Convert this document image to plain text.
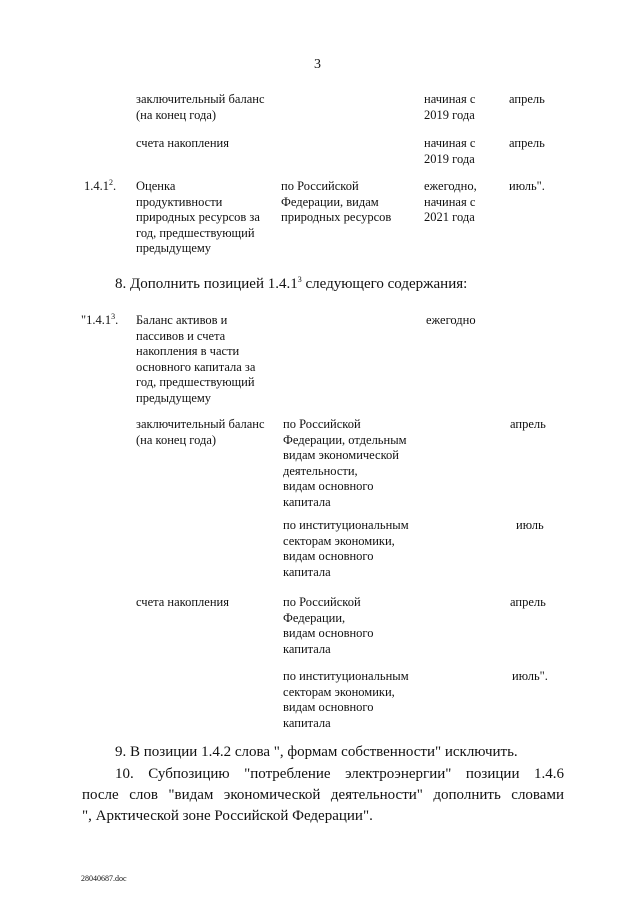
3
заключительный баланс
(на конец года)
начиная с
2019 года
апрель
счета накопления	начиная с
2019 года
апрель
1.4.1$^2$. Оценка
продуктивности
природных ресурсов за
год, предшествующий
предыдущему
по Российской
Федерации, видам
природных ресурсов
ежегодно,
начиная с
2021 года
июль".
8. Дополнить позицией 1.4.1$^3$ следующего содержания:
"1.4.1$^3$. Баланс активов и
пассивов и счета
накопления в части
основного капитала за
год, предшествующий
предыдущему
ежегодно
заключительный баланс
(на конец года)
по Российской
Федерации, отдельным
видам экономической
деятельности,
видам основного
капитала
апрель
по институциональным
секторам экономики,
видам основного
капитала
июль
счета накопления	по Российской
Федерации,
видам основного
капитала
апрель
по институциональным
секторам экономики,
видам основного
капитала
июль".
9. В позиции 1.4.2 слова ", формам собственности" исключить.
10. Субпозицию "потребление электроэнергии" позиции 1.4.6
после слов "видам экономической деятельности" дополнить словами
", Арктической зоне Российской Федерации".
28040687.doc
